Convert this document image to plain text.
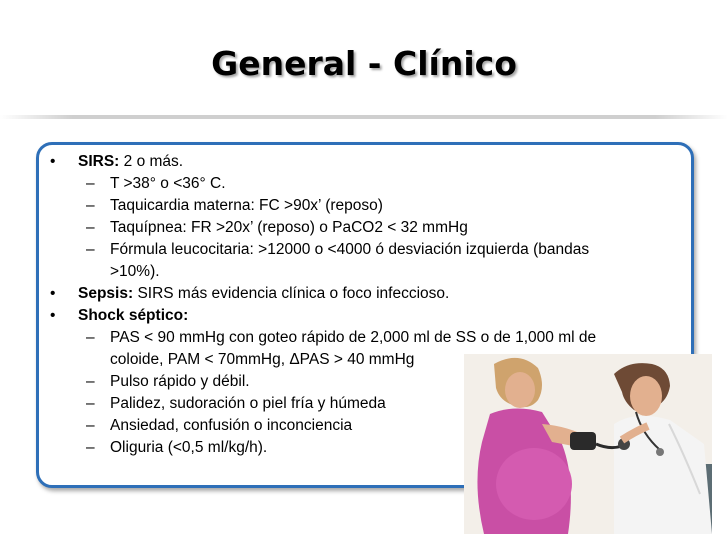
General - Clínico
• SIRS: 2 o más.
– T >38° o <36° C.
– Taquicardia materna: FC >90x’ (reposo)
– Taquípnea: FR >20x’ (reposo) o PaCO2 < 32 mmHg
– Fórmula leucocitaria: >12000 o <4000 ó desviación izquierda (bandas
>10%).
• Sepsis: SIRS más evidencia clínica o foco infeccioso.
• Shock séptico:
– PAS < 90 mmHg con goteo rápido de 2,000 ml de SS o de 1,000 ml de
coloide, PAM < 70mmHg, ΔPAS > 40 mmHg
– Pulso rápido y débil.
– Palidez, sudoración o piel fría y húmeda
– Ansiedad, confusión o inconciencia
– Oliguria (<0,5 ml/kg/h).
